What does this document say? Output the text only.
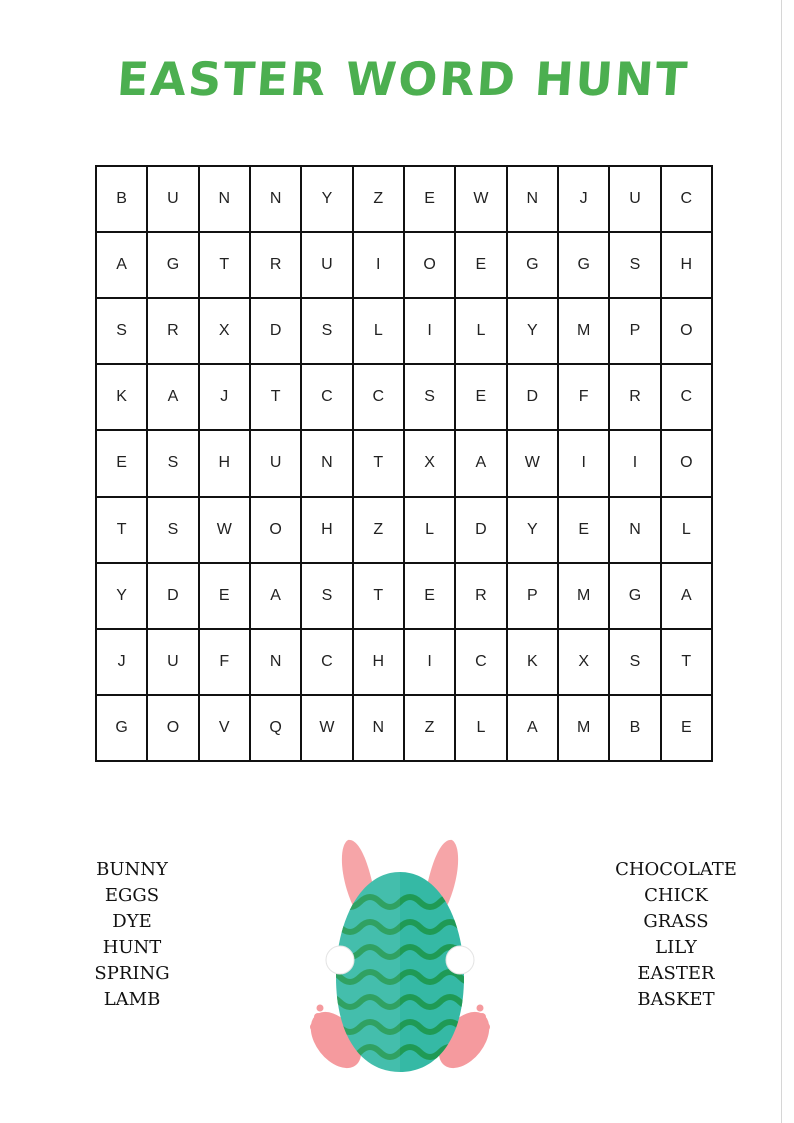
EASTER WORD HUNT
B	U	N	N	Y	Z	E	W	N	J	U	C
A	G	T	R	U	I	O	E	G	G	S	H
S	R	X	D	S	L	I	L	Y	M	P	O
K	A	J	T	C	C	S	E	D	F	R	C
E	S	H	U	N	T	X	A	W	I	I	O
T	S	W	O	H	Z	L	D	Y	E	N	L
Y	D	E	A	S	T	E	R	P	M	G	A
J	U	F	N	C	H	I	C	K	X	S	T
G	O	V	Q	W	N	Z	L	A	M	B	E
BUNNY
EGGS
DYE
HUNT
SPRING
LAMB
CHOCOLATE
CHICK
GRASS
LILY
EASTER
BASKET
